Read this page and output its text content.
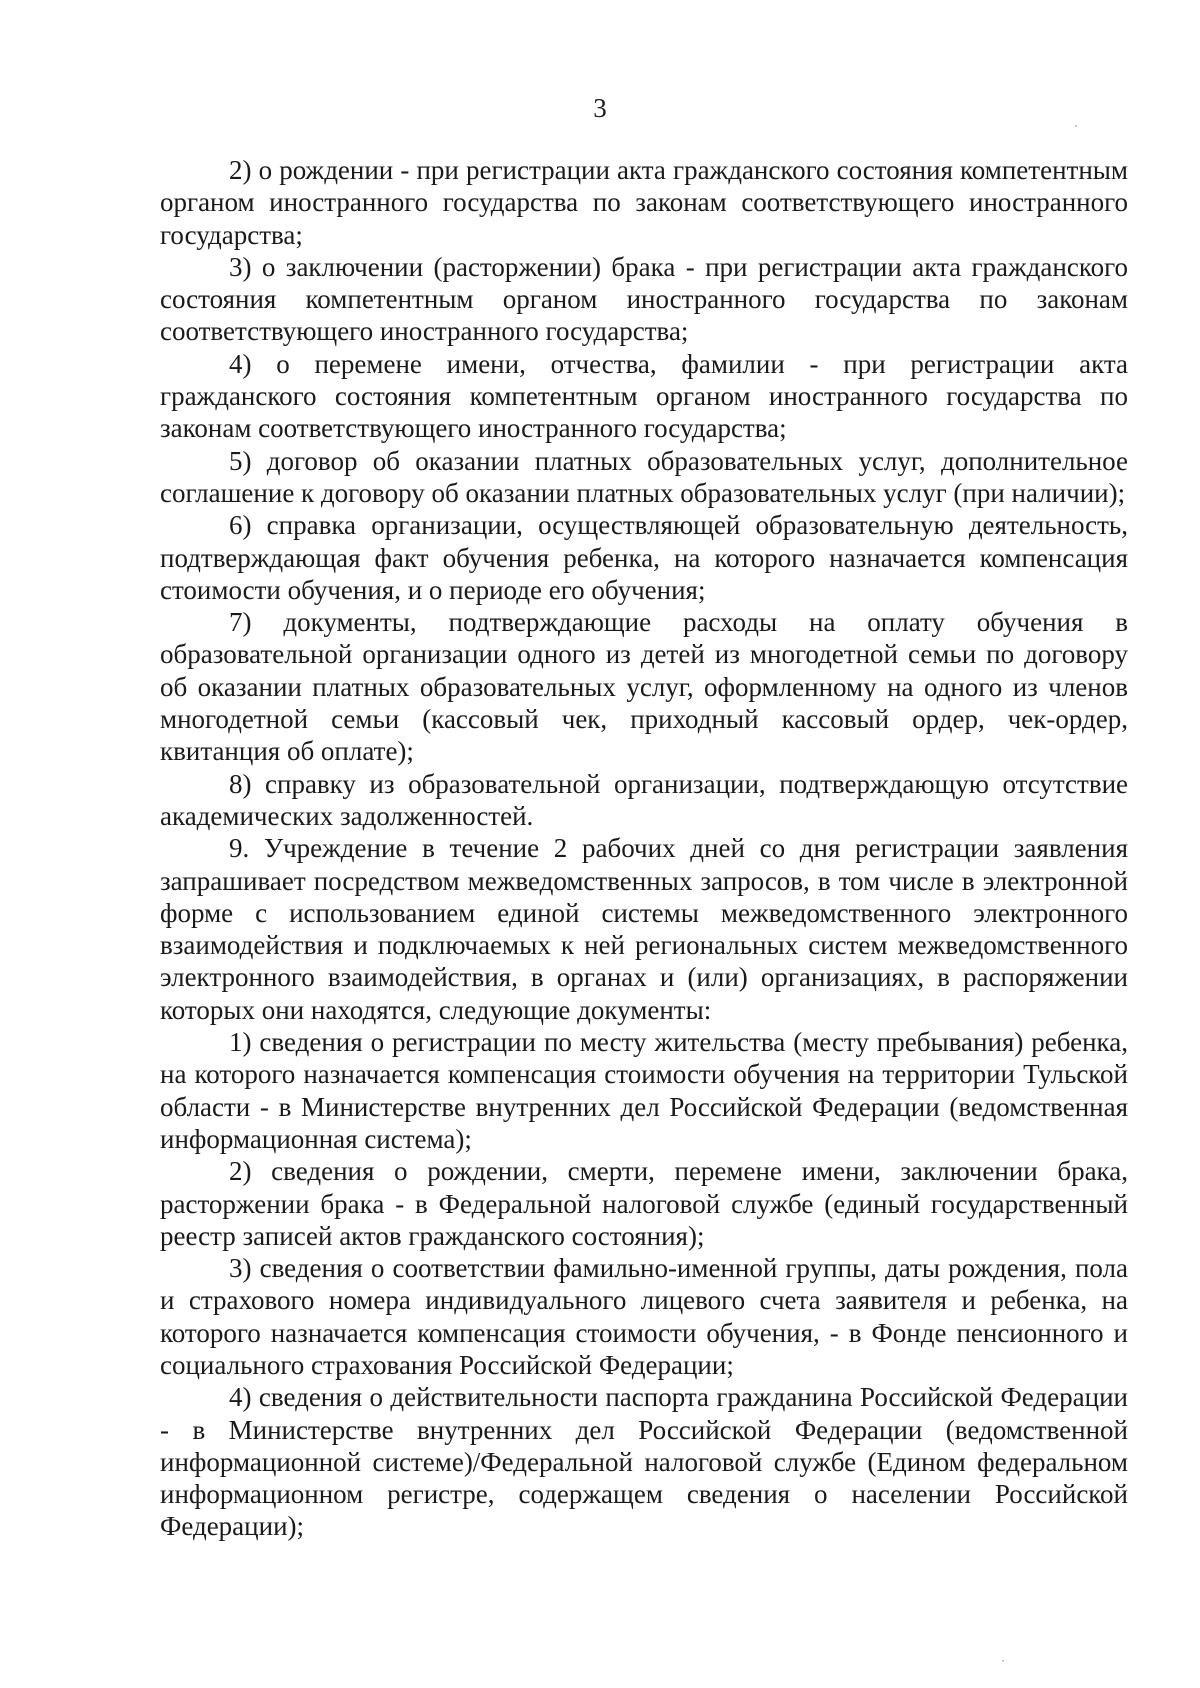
3

2) о рождении - при регистрации акта гражданского состояния компетентным органом иностранного государства по законам соответствующего иностранного государства;

3) о заключении (расторжении) брака - при регистрации акта гражданского состояния компетентным органом иностранного государства по законам соответствующего иностранного государства;

4) о перемене имени, отчества, фамилии - при регистрации акта гражданского состояния компетентным органом иностранного государства по законам соответствующего иностранного государства;

5) договор об оказании платных образовательных услуг, дополнительное соглашение к договору об оказании платных образовательных услуг (при наличии);

6) справка организации, осуществляющей образовательную деятельность, подтверждающая факт обучения ребенка, на которого назначается компенсация стоимости обучения, и о периоде его обучения;

7) документы, подтверждающие расходы на оплату обучения в образовательной организации одного из детей из многодетной семьи по договору об оказании платных образовательных услуг, оформленному на одного из членов многодетной семьи (кассовый чек, приходный кассовый ордер, чек-ордер, квитанция об оплате);

8) справку из образовательной организации, подтверждающую отсутствие академических задолженностей.

9. Учреждение в течение 2 рабочих дней со дня регистрации заявления запрашивает посредством межведомственных запросов, в том числе в электронной форме с использованием единой системы межведомственного электронного взаимодействия и подключаемых к ней региональных систем межведомственного электронного взаимодействия, в органах и (или) организациях, в распоряжении которых они находятся, следующие документы:

1) сведения о регистрации по месту жительства (месту пребывания) ребенка, на которого назначается компенсация стоимости обучения на территории Тульской области - в Министерстве внутренних дел Российской Федерации (ведомственная информационная система);

2) сведения о рождении, смерти, перемене имени, заключении брака, расторжении брака - в Федеральной налоговой службе (единый государственный реестр записей актов гражданского состояния);

3) сведения о соответствии фамильно-именной группы, даты рождения, пола и страхового номера индивидуального лицевого счета заявителя и ребенка, на которого назначается компенсация стоимости обучения, - в Фонде пенсионного и социального страхования Российской Федерации;

4) сведения о действительности паспорта гражданина Российской Федерации - в Министерстве внутренних дел Российской Федерации (ведомственной информационной системе)/Федеральной налоговой службе (Едином федеральном информационном регистре, содержащем сведения о населении Российской Федерации);
